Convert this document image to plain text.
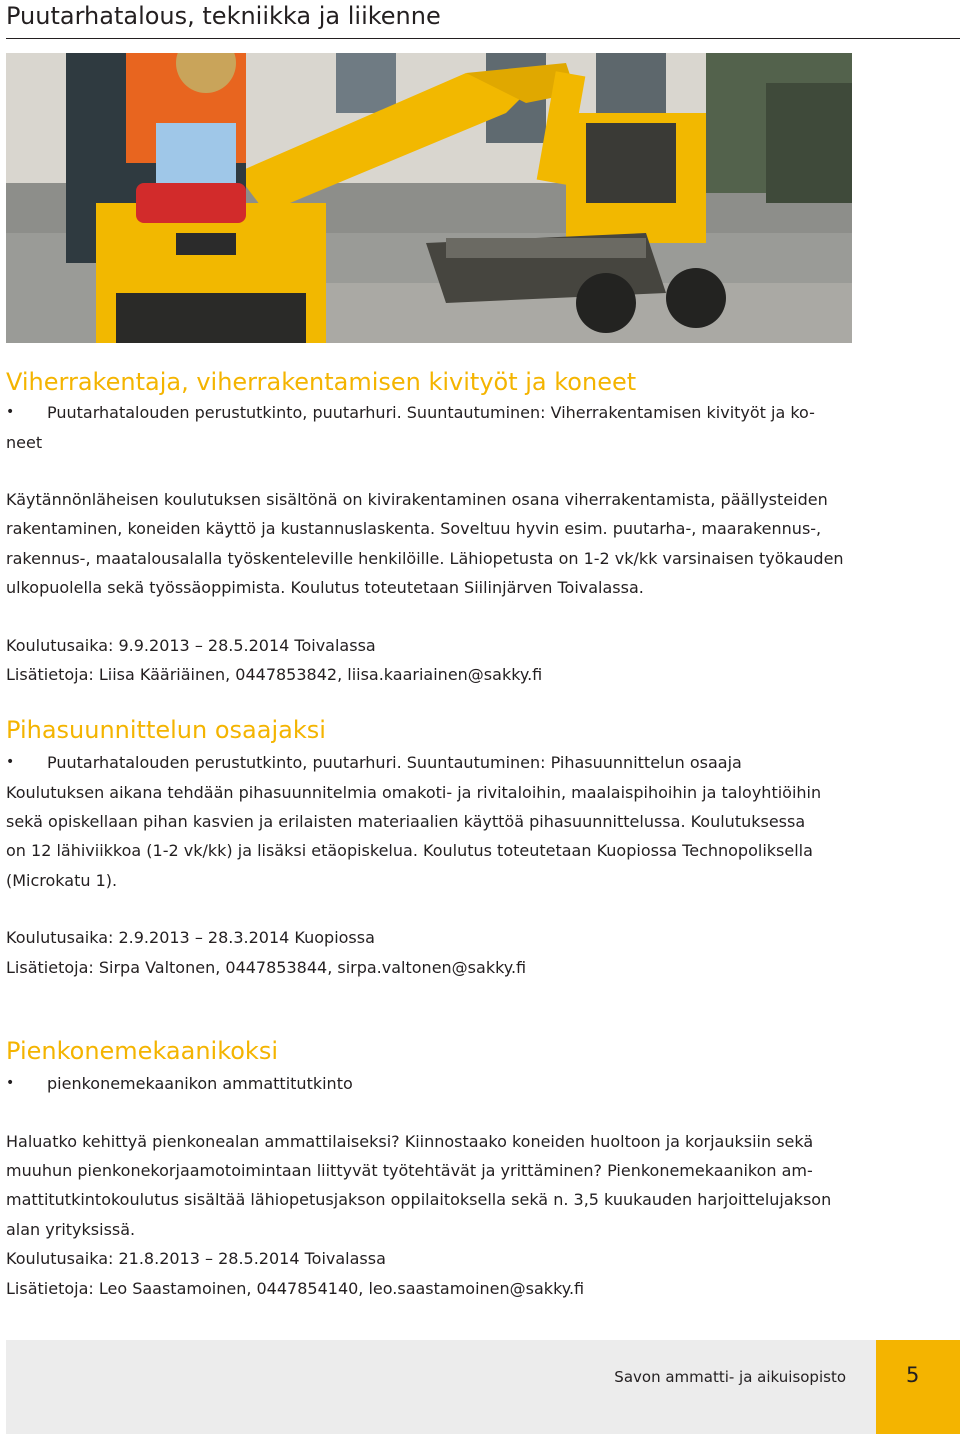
Puutarhatalous, tekniikka ja liikenne
Viherrakentaja, viherrakentamisen kivityöt ja koneet
•	Puutarhatalouden perustutkinto, puutarhuri. Suuntautuminen: Viherrakentamisen kivityöt ja ko-
neet

Käytännönläheisen koulutuksen sisältönä on kivirakentaminen osana viherrakentamista, päällysteiden
rakentaminen, koneiden käyttö ja kustannuslaskenta. Soveltuu hyvin esim. puutarha-, maarakennus-,
rakennus-, maatalousalalla työskenteleville henkilöille. Lähiopetusta on 1-2 vk/kk varsinaisen työkauden
ulkopuolella sekä työssäoppimista. Koulutus toteutetaan Siilinjärven Toivalassa.

Koulutusaika: 9.9.2013 – 28.5.2014 Toivalassa
Lisätietoja: Liisa Kääriäinen, 0447853842, liisa.kaariainen@sakky.fi

Pihasuunnittelun osaajaksi
•	Puutarhatalouden perustutkinto, puutarhuri. Suuntautuminen: Pihasuunnittelun osaaja

Koulutuksen aikana tehdään pihasuunnitelmia omakoti- ja rivitaloihin, maalaispihoihin ja taloyhtiöihin
sekä opiskellaan pihan kasvien ja erilaisten materiaalien käyttöä pihasuunnittelussa. Koulutuksessa
on 12 lähiviikkoa (1-2 vk/kk) ja lisäksi etäopiskelua. Koulutus toteutetaan Kuopiossa Technopoliksella
(Microkatu 1).

Koulutusaika: 2.9.2013 – 28.3.2014 Kuopiossa
Lisätietoja: Sirpa Valtonen, 0447853844, sirpa.valtonen@sakky.fi

Pienkonemekaanikoksi
•	pienkonemekaanikon ammattitutkinto

Haluatko kehittyä pienkonealan ammattilaiseksi? Kiinnostaako koneiden huoltoon ja korjauksiin sekä
muuhun pienkonekorjaamotoimintaan liittyvät työtehtävät ja yrittäminen? Pienkonemekaanikon am-
mattitutkintokoulutus sisältää lähiopetusjakson oppilaitoksella sekä n. 3,5 kuukauden harjoittelujakson
alan yrityksissä.

Koulutusaika: 21.8.2013 – 28.5.2014 Toivalassa
Lisätietoja: Leo Saastamoinen, 0447854140, leo.saastamoinen@sakky.fi

Savon ammatti- ja aikuisopisto	5
